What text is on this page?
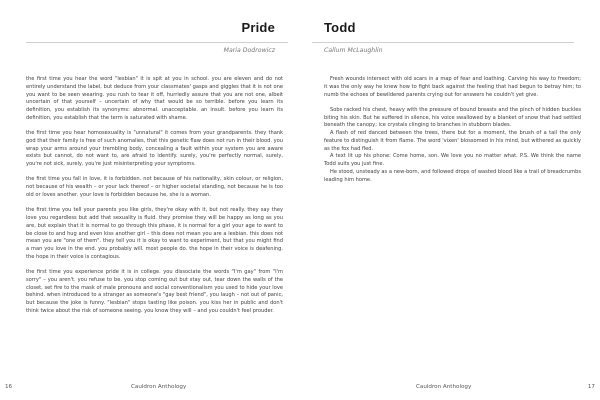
Pride
Maria Dodrowicz

the first time you hear the word "lesbian" it is spit at you in school. you are eleven and do not entirely understand the label, but deduce from your classmates' gasps and giggles that it is not one you want to be seen wearing. you rush to tear it off, hurriedly assure that you are not one, albeit uncertain of that yourself – uncertain of why that would be so terrible. before you learn its definition, you establish its synonyms: abnormal. unacceptable. an insult. before you learn its definition, you establish that the term is saturated with shame.

the first time you hear homosexuality is "unnatural" it comes from your grandparents. they thank god that their family is free of such anomalies, that this genetic flaw does not run in their blood. you wrap your arms around your trembling body, concealing a fault within your system you are aware exists but cannot, do not want to, are afraid to identify. surely, you're perfectly normal, surely, you're not sick, surely, you're just misinterpreting your symptoms.

the first time you fall in love, it is forbidden. not because of his nationality, skin colour, or religion, not because of his wealth – or your lack thereof – or higher societal standing, not because he is too old or loves another. your love is forbidden because he, she is a woman.

the first time you tell your parents you like girls, they're okay with it, but not really. they say they love you regardless but add that sexuality is fluid. they promise they will be happy as long as you are, but explain that it is normal to go through this phase, it is normal for a girl your age to want to be close to and hug and even kiss another girl – this does not mean you are a lesbian. this does not mean you are "one of them". they tell you it is okay to want to experiment, but that you might find a man you love in the end. you probably will. most people do. the hope in their voice is deafening. the hope in their voice is contagious.

the first time you experience pride it is in college. you dissociate the words "I'm gay" from "I'm sorry" – you aren't. you refuse to be. you stop coming out but stay out, tear down the walls of the closet, set fire to the mask of male pronouns and social conventionalism you used to hide your love behind. when introduced to a stranger as someone's "gay best friend", you laugh – not out of panic, but because the joke is funny. "lesbian" stops tasting like poison. you kiss her in public and don't think twice about the risk of someone seeing. you know they will – and you couldn't feel prouder.

16	Cauldron Anthology
Todd
Callum McLaughlin

Fresh wounds intersect with old scars in a map of fear and loathing. Carving his way to freedom; it was the only way he knew how to fight back against the feeling that had begun to betray him; to numb the echoes of bewildered parents crying out for answers he couldn't yet give.

Sobs racked his chest, heavy with the pressure of bound breasts and the pinch of hidden buckles biting his skin. But he suffered in silence, his voice swallowed by a blanket of snow that had settled beneath the canopy; ice crystals clinging to branches in stubborn blades.

A flash of red danced between the trees, there but for a moment, the brush of a tail the only feature to distinguish it from flame. The word 'vixen' blossomed in his mind, but withered as quickly as the fox had fled.

A text lit up his phone: Come home, son. We love you no matter what. P.S. We think the name Todd suits you just fine.

He stood, unsteady as a new-born, and followed drops of wasted blood like a trail of breadcrumbs leading him home.

Cauldron Anthology	17
